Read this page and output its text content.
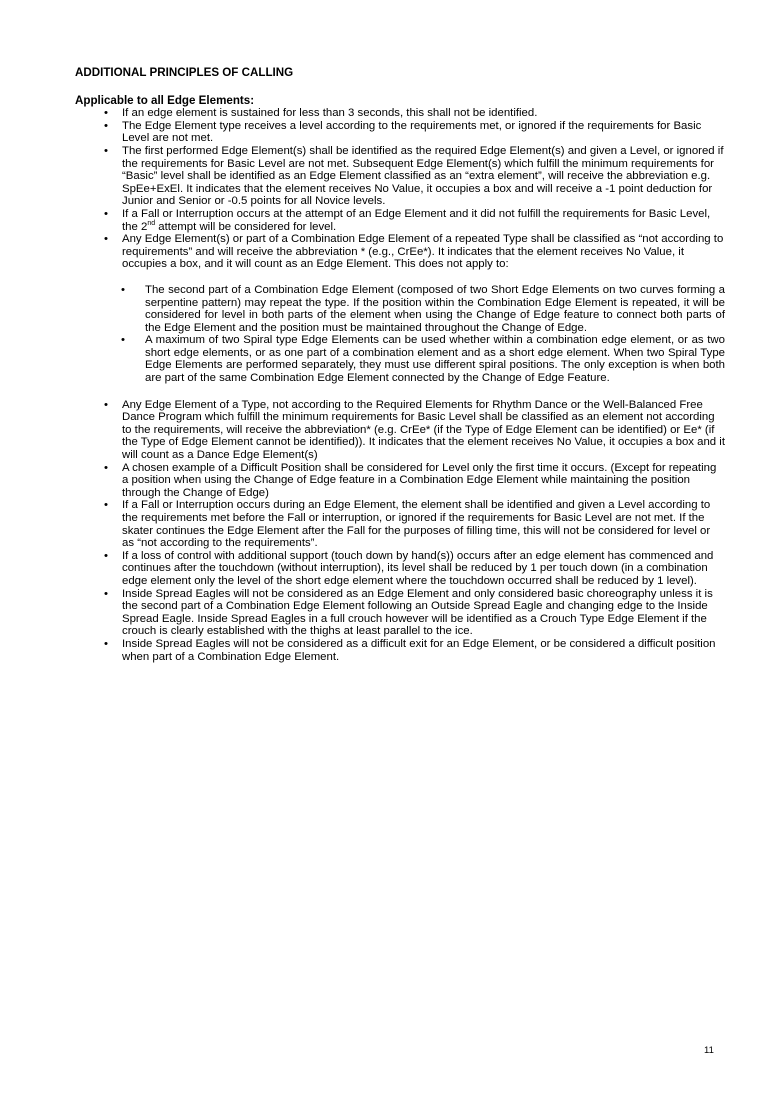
ADDITIONAL PRINCIPLES OF CALLING
Applicable to all Edge Elements:
• If an edge element is sustained for less than 3 seconds, this shall not be identified.
• The Edge Element type receives a level according to the requirements met, or ignored if the requirements for Basic Level are not met.
• The first performed Edge Element(s) shall be identified as the required Edge Element(s) and given a Level, or ignored if the requirements for Basic Level are not met. Subsequent Edge Element(s) which fulfill the minimum requirements for “Basic” level shall be identified as an Edge Element classified as an “extra element”, will receive the abbreviation e.g. SpEe+ExEl. It indicates that the element receives No Value, it occupies a box and will receive a -1 point deduction for Junior and Senior or -0.5 points for all Novice levels.
• If a Fall or Interruption occurs at the attempt of an Edge Element and it did not fulfill the requirements for Basic Level, the 2nd attempt will be considered for level.
• Any Edge Element(s) or part of a Combination Edge Element of a repeated Type shall be classified as “not according to requirements” and will receive the abbreviation * (e.g., CrEe*). It indicates that the element receives No Value, it occupies a box, and it will count as an Edge Element. This does not apply to:
• The second part of a Combination Edge Element (composed of two Short Edge Elements on two curves forming a serpentine pattern) may repeat the type. If the position within the Combination Edge Element is repeated, it will be considered for level in both parts of the element when using the Change of Edge feature to connect both parts of the Edge Element and the position must be maintained throughout the Change of Edge.
• A maximum of two Spiral type Edge Elements can be used whether within a combination edge element, or as two short edge elements, or as one part of a combination element and as a short edge element. When two Spiral Type Edge Elements are performed separately, they must use different spiral positions. The only exception is when both are part of the same Combination Edge Element connected by the Change of Edge Feature.
• Any Edge Element of a Type, not according to the Required Elements for Rhythm Dance or the Well-Balanced Free Dance Program which fulfill the minimum requirements for Basic Level shall be classified as an element not according to the requirements, will receive the abbreviation* (e.g. CrEe* (if the Type of Edge Element can be identified) or Ee* (if the Type of Edge Element cannot be identified)). It indicates that the element receives No Value, it occupies a box and it will count as a Dance Edge Element(s)
• A chosen example of a Difficult Position shall be considered for Level only the first time it occurs. (Except for repeating a position when using the Change of Edge feature in a Combination Edge Element while maintaining the position through the Change of Edge)
• If a Fall or Interruption occurs during an Edge Element, the element shall be identified and given a Level according to the requirements met before the Fall or interruption, or ignored if the requirements for Basic Level are not met. If the skater continues the Edge Element after the Fall for the purposes of filling time, this will not be considered for level or as “not according to the requirements”.
• If a loss of control with additional support (touch down by hand(s)) occurs after an edge element has commenced and continues after the touchdown (without interruption), its level shall be reduced by 1 per touch down (in a combination edge element only the level of the short edge element where the touchdown occurred shall be reduced by 1 level).
• Inside Spread Eagles will not be considered as an Edge Element and only considered basic choreography unless it is the second part of a Combination Edge Element following an Outside Spread Eagle and changing edge to the Inside Spread Eagle. Inside Spread Eagles in a full crouch however will be identified as a Crouch Type Edge Element if the crouch is clearly established with the thighs at least parallel to the ice.
• Inside Spread Eagles will not be considered as a difficult exit for an Edge Element, or be considered a difficult position when part of a Combination Edge Element.
11
